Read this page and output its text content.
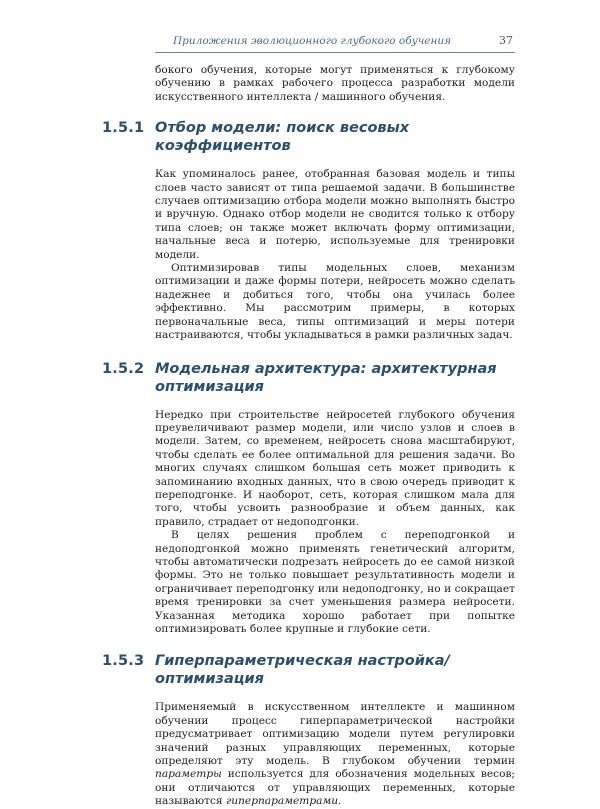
Приложения эволюционного глубокого обучения	37

бокого обучения, которые могут применяться к глубокому обучению в рамках рабочего процесса разработки модели искусственного интеллекта / машинного обучения.

1.5.1 Отбор модели: поиск весовых коэффициентов

Как упоминалось ранее, отобранная базовая модель и типы слоев часто зависят от типа решаемой задачи. В большинстве случаев оптимизацию отбора модели можно выполнять быстро и вручную. Однако отбор модели не сводится только к отбору типа слоев; он также может включать форму оптимизации, начальные веса и потерю, используемые для тренировки модели.

Оптимизировав типы модельных слоев, механизм оптимизации и даже формы потери, нейросеть можно сделать надежнее и добиться того, чтобы она училась более эффективно. Мы рассмотрим примеры, в которых первоначальные веса, типы оптимизаций и меры потери настраиваются, чтобы укладываться в рамки различных задач.

1.5.2 Модельная архитектура: архитектурная оптимизация

Нередко при строительстве нейросетей глубокого обучения преувеличивают размер модели, или число узлов и слоев в модели. Затем, со временем, нейросеть снова масштабируют, чтобы сделать ее более оптимальной для решения задачи. Во многих случаях слишком большая сеть может приводить к запоминанию входных данных, что в свою очередь приводит к переподгонке. И наоборот, сеть, которая слишком мала для того, чтобы усвоить разнообразие и объем данных, как правило, страдает от недоподгонки.

В целях решения проблем с переподгонкой и недоподгонкой можно применять генетический алгоритм, чтобы автоматически подрезать нейросеть до ее самой низкой формы. Это не только повышает результативность модели и ограничивает переподгонку или недоподгонку, но и сокращает время тренировки за счет уменьшения размера нейросети. Указанная методика хорошо работает при попытке оптимизировать более крупные и глубокие сети.

1.5.3 Гиперпараметрическая настройка/оптимизация

Применяемый в искусственном интеллекте и машинном обучении процесс гиперпараметрической настройки предусматривает оптимизацию модели путем регулировки значений разных управляющих переменных, которые определяют эту модель. В глубоком обучении термин параметры используется для обозначения модельных весов; они отличаются от управляющих переменных, которые называются гиперпараметрами.
